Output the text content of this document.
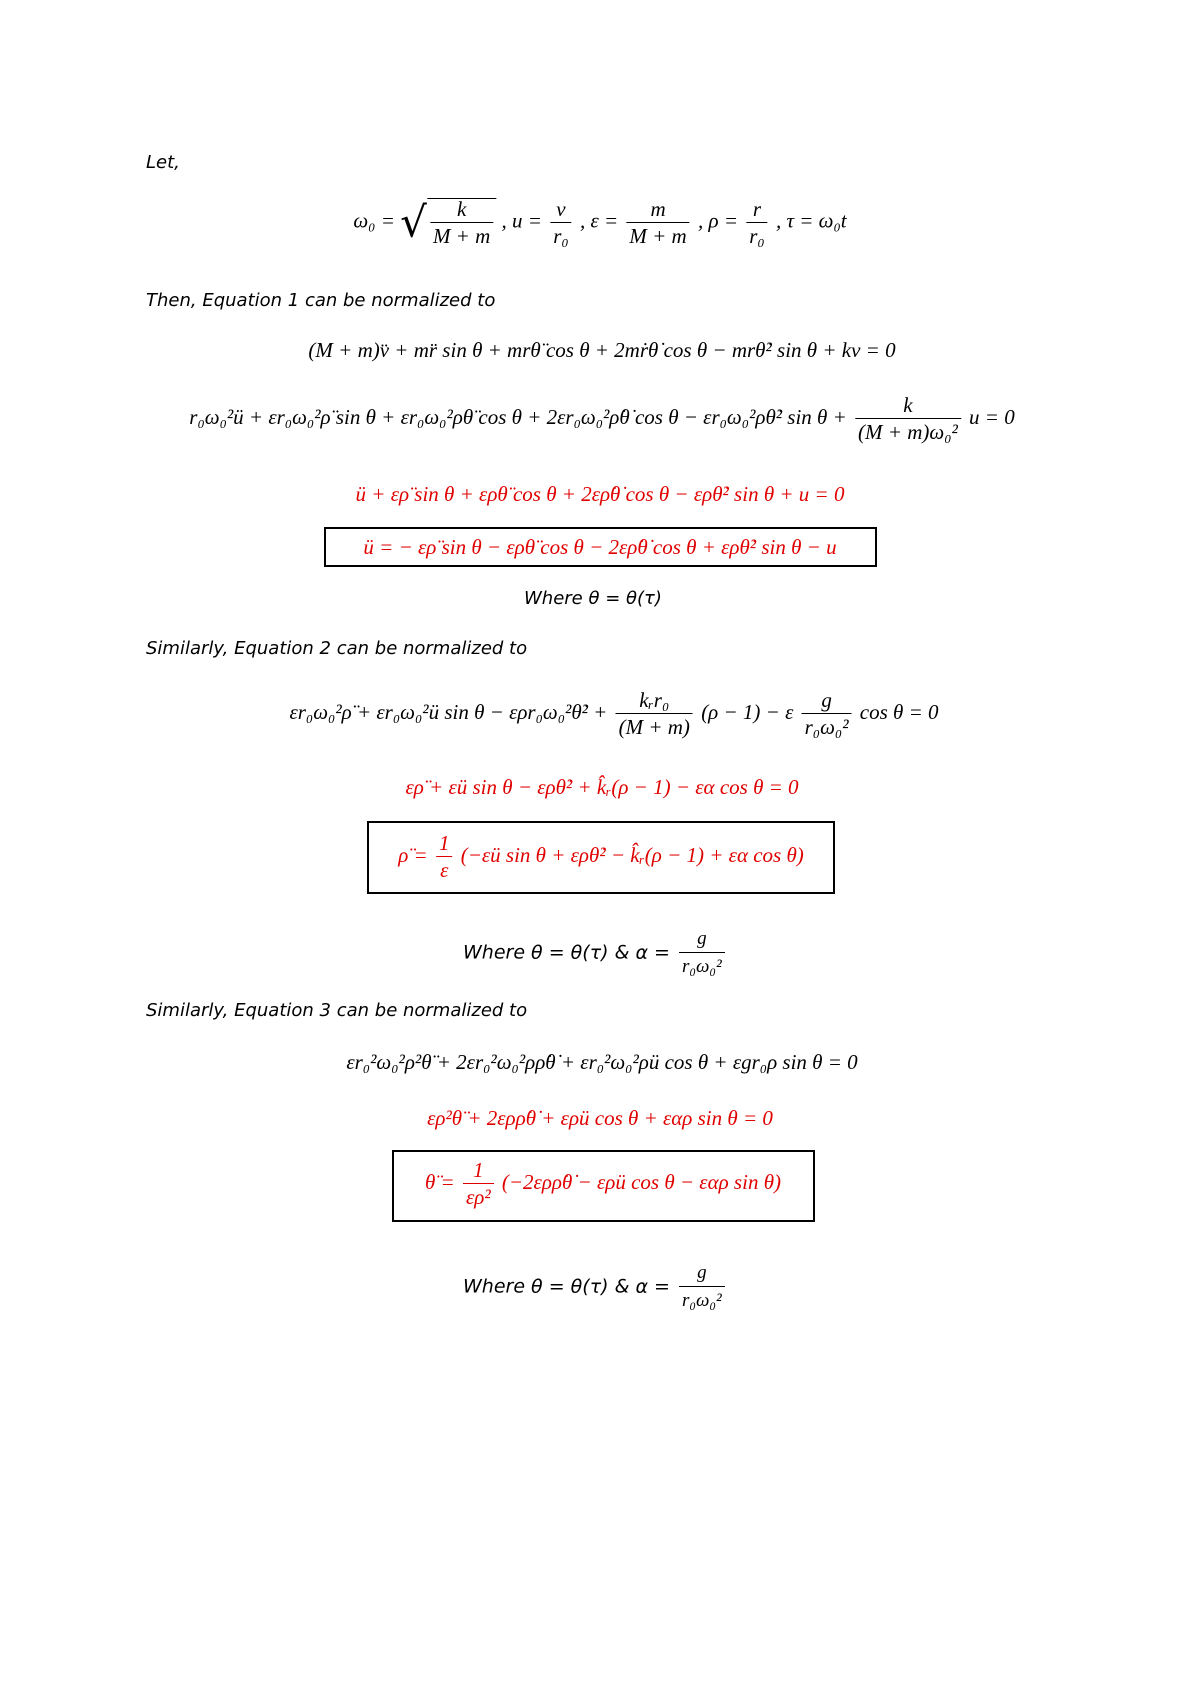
Let,
ω₀ = √ $\frac{k}{M + m}$ , $u = \frac{v}{\text{r₀}}$ , $\varepsilon = \frac{m}{M + m}$ , $\rho = \frac{r}{\text{r₀}}$ , τ = ω₀t
Then, Equation 1 can be normalized to
(M + m)v̈ + mr̈ sin θ + mrθ̈ cos θ + 2mṙθ̇ cos θ − mrθ̇² sin θ + kv = 0
r₀ω₀²ü + εr₀ω₀²ρ̈ sin θ + εr₀ω₀²ρθ̈ cos θ + 2εr₀ω₀²ρ̇θ̇ cos θ − εr₀ω₀²ρθ̇² $\sin \theta + \frac{k}{\text{(M + m)ω₀²}}$ u = 0
ü + ερ̈ sin θ + ερθ̈ cos θ + 2ερ̇θ̇ cos θ − ερθ̇² sin θ + u = 0
ü = − ερ̈ sin θ − ερθ̈ cos θ − 2ερ̇θ̇ cos θ + ερθ̇² sin θ − u
Where θ = θ(τ)
Similarly, Equation 2 can be normalized to
εr₀ω₀²ρ̈ + εr₀ω₀²ü sin θ − ερr₀ω₀²θ̇² + $\frac{\text{kᵣr₀}}{(M + m)} (\rho - 1) - \varepsilon \frac{g}{\text{r₀ω₀²}}$ cos θ = 0
ερ̈ + εü sin θ − ερθ̇² + k̂ᵣ(ρ − 1) − εα cos θ = 0
ρ̈ = $\frac{1}{\varepsilon}$ (−εü sin θ + ερθ̇² − k̂ᵣ(ρ − 1) + εα cos θ)
Where θ = θ(τ) & $\alpha = \frac{g}{\text{r₀ω₀²}}$
Similarly, Equation 3 can be normalized to
εr₀²ω₀²ρ²θ̈ + 2εr₀²ω₀²ρρ̇θ̇ + εr₀²ω₀²ρü cos θ + εgr₀ρ sin θ = 0
ερ²θ̈ + 2ερρ̇θ̇ + ερü cos θ + εαρ sin θ = 0
θ̈ = $\frac{1}{\text{ερ²}}$ (−2ερρ̇θ̇ − ερü cos θ − εαρ sin θ)
Where θ = θ(τ) & $\alpha = \frac{g}{\text{r₀ω₀²}}$
